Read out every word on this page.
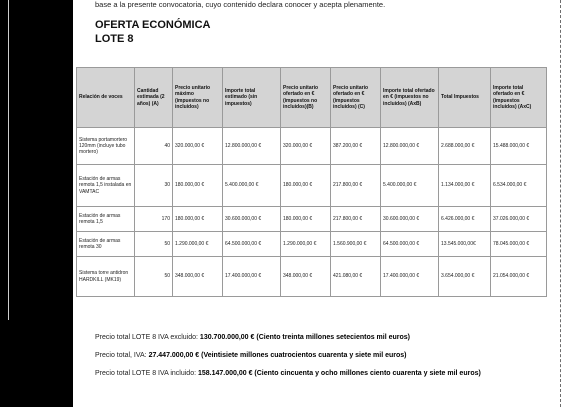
base a la presente convocatoria, cuyo contenido declara conocer y acepta plenamente.
OFERTA ECONÓMICA
LOTE 8
Relación de voces	Cantidad estimada (2 años) (A)	Precio unitario máximo (impuestos no incluidos)	Importe total estimado (sin impuestos)	Precio unitario ofertado en € (impuestos no incluidos)(B)	Precio unitario ofertado en € (impuestos incluidos) (C)	Importe total ofertado en € (impuestos no incluidos) (AxB)	Total Impuestos	Importe total ofertado en € (impuestos incluidos) (AxC)
Sistema portamortero 120mm (incluye tubo mortero)	40	320.000,00 €	12.800.000,00 €	320.000,00 €	387.200,00 €	12.800.000,00 €	2.688.000,00 €	15.488.000,00 €
Estación de armas remota 1,5 instalada en VAMTAC	30	180.000,00 €	5.400.000,00 €	180.000,00 €	217.800,00 €	5.400.000,00 €	1.134.000,00 €	6.534.000,00 €
Estación de armas remota 1,5	170	180.000,00 €	30.600.000,00 €	180.000,00 €	217.800,00 €	30.600.000,00 €	6.426.000,00 €	37.026.000,00 €
Estación de armas remota 30	50	1.290.000,00 €	64.500.000,00 €	1.290.000,00 €	1.560.900,00 €	64.500.000,00 €	13.545.000,00€	78.045.000,00 €
Sistema torre antidron HARDKILL (MK19)	50	348.000,00 €	17.400.000,00 €	348.000,00 €	421.080,00 €	17.400.000,00 €	3.654.000,00 €	21.054.000,00 €
Precio total LOTE 8 IVA excluido: 130.700.000,00 € (Ciento treinta millones setecientos mil euros)
Precio total, IVA: 27.447.000,00 € (Veintisiete millones cuatrocientos cuarenta y siete mil euros)
Precio total LOTE 8 IVA incluido: 158.147.000,00 € (Ciento cincuenta y ocho millones ciento cuarenta y siete mil euros)
